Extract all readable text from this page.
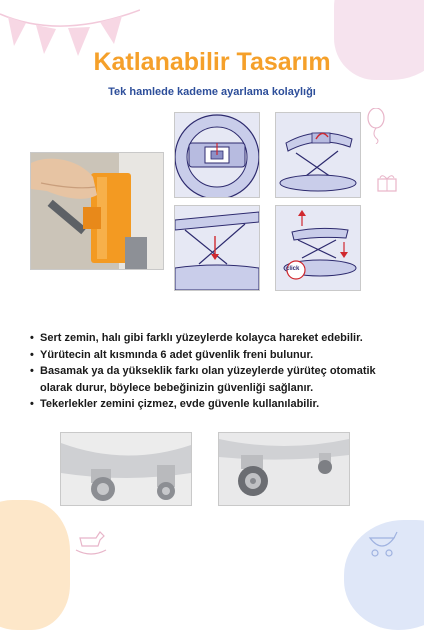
Katlanabilir Tasarım
Tek hamlede kademe ayarlama kolaylığı
click
• Sert zemin, halı gibi farklı yüzeylerde kolayca hareket edebilir.
• Yürütecin alt kısmında 6 adet güvenlik freni bulunur.
• Basamak ya da yükseklik farkı olan yüzeylerde yürüteç otomatik olarak durur, böylece bebeğinizin güvenliği sağlanır.
• Tekerlekler zemini çizmez, evde güvenle kullanılabilir.
